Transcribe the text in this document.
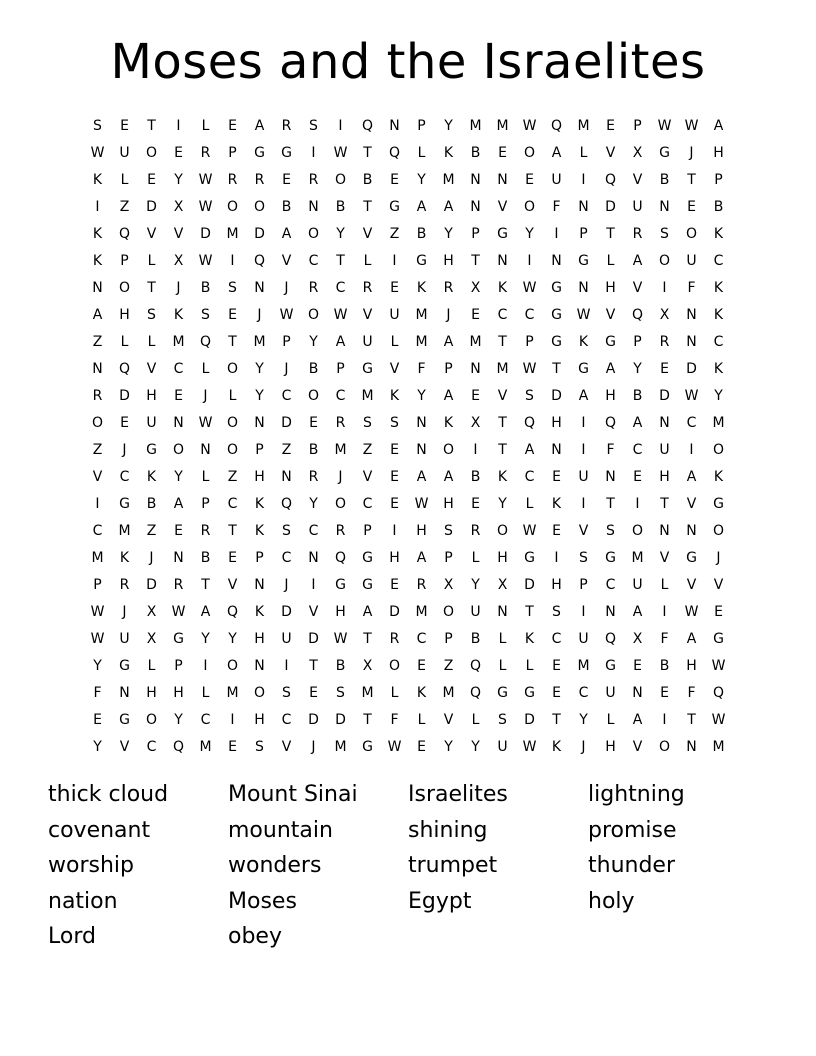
Moses and the Israelites
S	E	T	I	L	E	A	R	S	I	Q	N	P	Y	M	M	W	Q	M	E	P	W W	A
W	U	O	E	R	P	G	G	I	W	T	Q	L	K	B	E	O	A	L	V	X	G	J	H
K	L	E	Y	W	R	R	E	R	O	B	E	Y	M	N	N	E	U	I	Q	V	B	T	P
I	Z	D	X	W	O	O	B	N	B	T	G	A	A	N	V	O	F	N	D	U	N	E	B
K	Q	V	V	D	M	D	A	O	Y	V	Z	B	Y	P	G	Y	I	P	T	R	S	O	K
K	P	L	X	W	I	Q	V	C	T	L	I	G	H	T	N	I	N	G	L	A	O	U	C
N	O	T	J	B	S	N	J	R	C	R	E	K	R	X	K	W	G	N	H	V	I	F	K
A	H	S	K	S	E	J	W	O	W	V	U	M	J	E	C	C	G	W	V	Q	X	N	K
Z	L	L	M	Q	T	M	P	Y	A	U	L	M	A	M	T	P	G	K	G	P	R	N	C
N	Q	V	C	L	O	Y	J	B	P	G	V	F	P	N	M	W	T	G	A	Y	E	D	K
R	D	H	E	J	L	Y	C	O	C	M	K	Y	A	E	V	S	D	A	H	B	D	W	Y
O	E	U	N	W	O	N	D	E	R	S	S	N	K	X	T	Q	H	I	Q	A	N	C	M
Z	J	G	O	N	O	P	Z	B	M	Z	E	N	O	I	T	A	N	I	F	C	U	I	O
V	C	K	Y	L	Z	H	N	R	J	V	E	A	A	B	K	C	E	U	N	E	H	A	K
I	G	B	A	P	C	K	Q	Y	O	C	E	W	H	E	Y	L	K	I	T	I	T	V	G
C	M	Z	E	R	T	K	S	C	R	P	I	H	S	R	O	W	E	V	S	O	N	N	O
M	K	J	N	B	E	P	C	N	Q	G	H	A	P	L	H	G	I	S	G	M	V	G	J
P	R	D	R	T	V	N	J	I	G	G	E	R	X	Y	X	D	H	P	C	U	L	V	V
W	J	X	W	A	Q	K	D	V	H	A	D	M	O	U	N	T	S	I	N	A	I	W	E
W	U	X	G	Y	Y	H	U	D	W	T	R	C	P	B	L	K	C	U	Q	X	F	A	G
Y	G	L	P	I	O	N	I	T	B	X	O	E	Z	Q	L	L	E	M	G	E	B	H	W
F	N	H	H	L	M	O	S	E	S	M	L	K	M	Q	G	G	E	C	U	N	E	F	Q
E	G	O	Y	C	I	H	C	D	D	T	F	L	V	L	S	D	T	Y	L	A	I	T	W
Y	V	C	Q	M	E	S	V	J	M	G	W	E	Y	Y	U	W	K	J	H	V	O	N	M
thick cloud	Mount Sinai	Israelites	lightning
covenant	mountain	shining	promise
worship	wonders	trumpet	thunder
nation	Moses	Egypt	holy
Lord	obey
